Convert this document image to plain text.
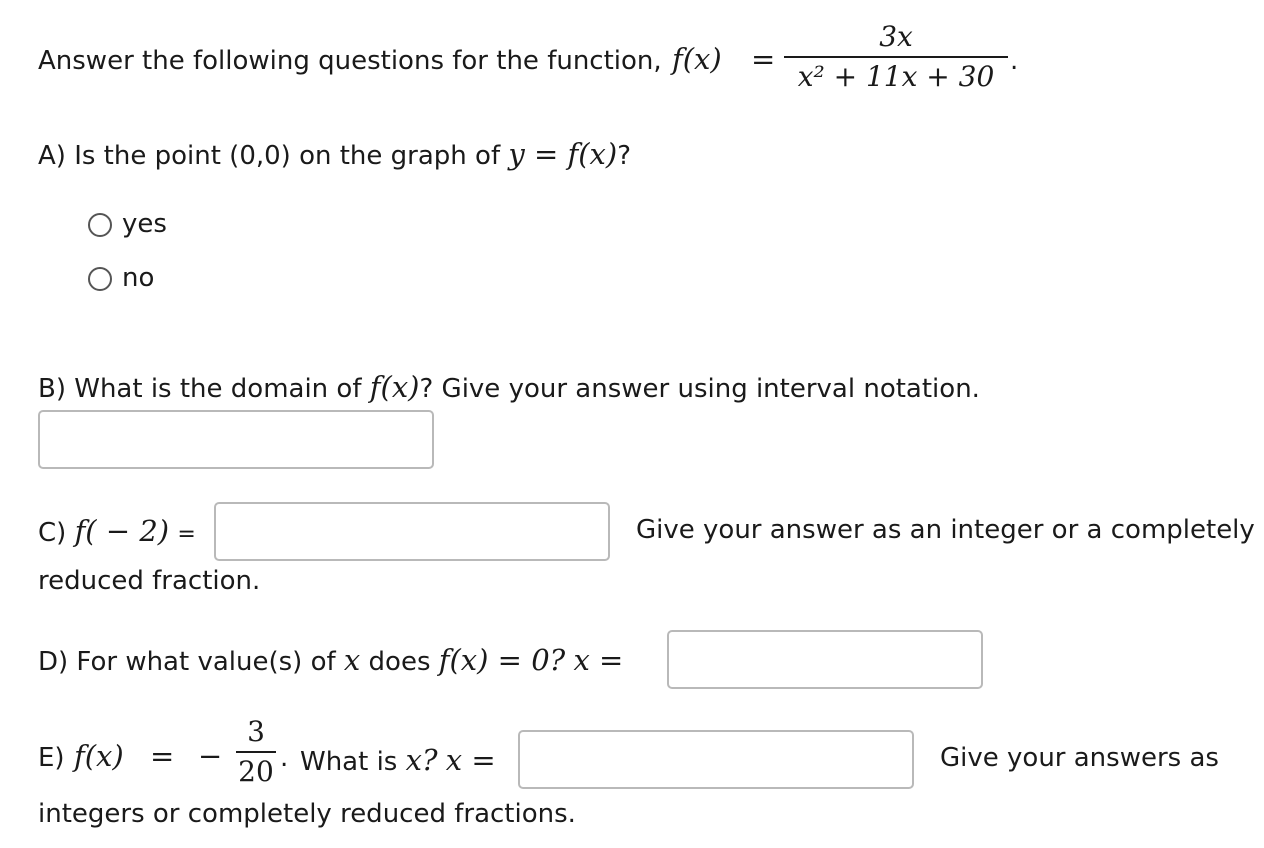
Answer the following questions for the function, f(x) =
3x
x² + 11x + 30 .
A) Is the point (0,0) on the graph of y = f(x)?
yes
no
B) What is the domain of f(x)? Give your answer using interval notation.
C) f( − 2) =	Give your answer as an integer or a completely
reduced fraction.
D) For what value(s) of x does f(x) = 0? x =
E) f(x) = −
3
20 . What is x? x =	Give your answers as
integers or completely reduced fractions.
